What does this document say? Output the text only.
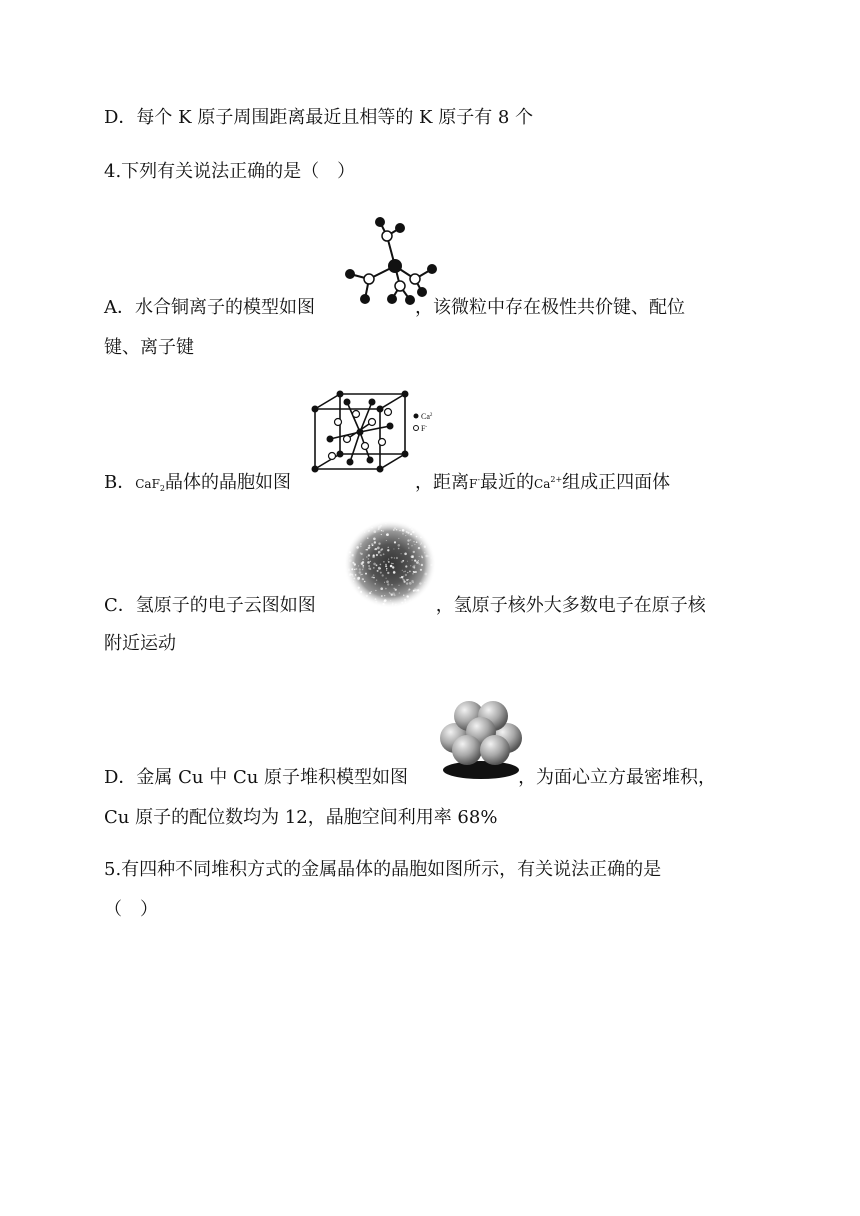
D．每个 K 原子周围距离最近且相等的 K 原子有 8 个
4.下列有关说法正确的是（　）
A．水合铜离子的模型如图	，该微粒中存在极性共价键、配位
键、离子键
Ca$^2$
F-
B．CaF$_2$晶体的晶胞如图	，距离F-最近的$Ca^{2+}$组成正四面体
C．氢原子的电子云图如图	，氢原子核外大多数电子在原子核
附近运动
D．金属 Cu 中 Cu 原子堆积模型如图	，为面心立方最密堆积，
Cu 原子的配位数均为 12，晶胞空间利用率 68%
5.有四种不同堆积方式的金属晶体的晶胞如图所示，有关说法正确的是
（　）
